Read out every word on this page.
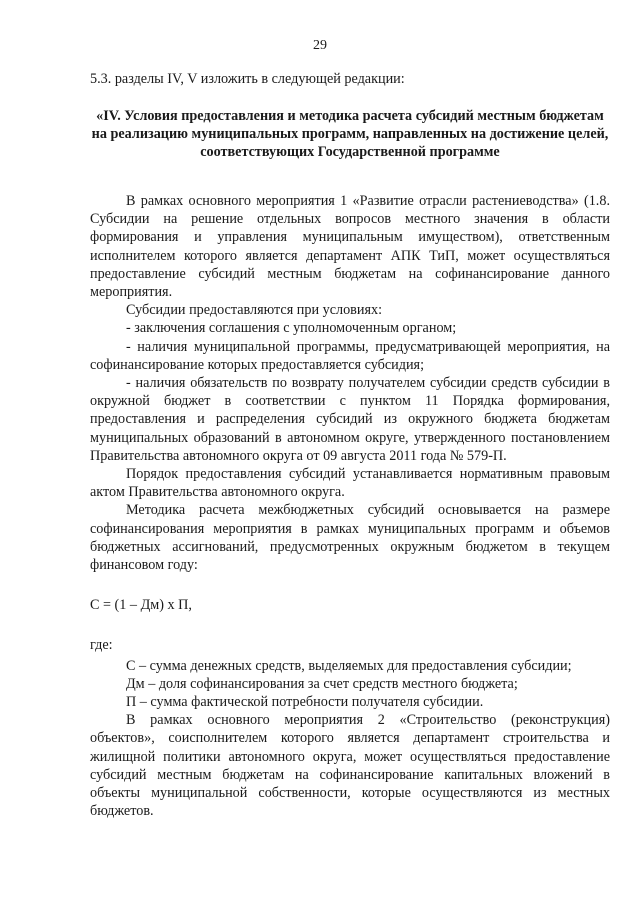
29
5.3. разделы IV, V изложить в следующей редакции:
«IV. Условия предоставления и методика расчета субсидий местным бюджетам на реализацию муниципальных программ, направленных на достижение целей, соответствующих Государственной программе

В рамках основного мероприятия 1 «Развитие отрасли растениеводства» (1.8. Субсидии на решение отдельных вопросов местного значения в области формирования и управления муниципальным имуществом), ответственным исполнителем которого является департамент АПК ТиП, может осуществляться предоставление субсидий местным бюджетам на софинансирование данного мероприятия.

Субсидии предоставляются при условиях:

- заключения соглашения с уполномоченным органом;

- наличия муниципальной программы, предусматривающей мероприятия, на софинансирование которых предоставляется субсидия;

- наличия обязательств по возврату получателем субсидии средств субсидии в окружной бюджет в соответствии с пунктом 11 Порядка формирования, предоставления и распределения субсидий из окружного бюджета бюджетам муниципальных образований в автономном округе, утвержденного постановлением Правительства автономного округа от 09 августа 2011 года № 579-П.

Порядок предоставления субсидий устанавливается нормативным правовым актом Правительства автономного округа.

Методика расчета межбюджетных субсидий основывается на размере софинансирования мероприятия в рамках муниципальных программ и объемов бюджетных ассигнований, предусмотренных окружным бюджетом в текущем финансовом году:

С = (1 – Дм) х П,

где:

С – сумма денежных средств, выделяемых для предоставления субсидии;

Дм – доля софинансирования за счет средств местного бюджета;

П – сумма фактической потребности получателя субсидии.

В рамках основного мероприятия 2 «Строительство (реконструкция) объектов», соисполнителем которого является департамент строительства и жилищной политики автономного округа, может осуществляться предоставление субсидий местным бюджетам на софинансирование капитальных вложений в объекты муниципальной собственности, которые осуществляются из местных бюджетов.
